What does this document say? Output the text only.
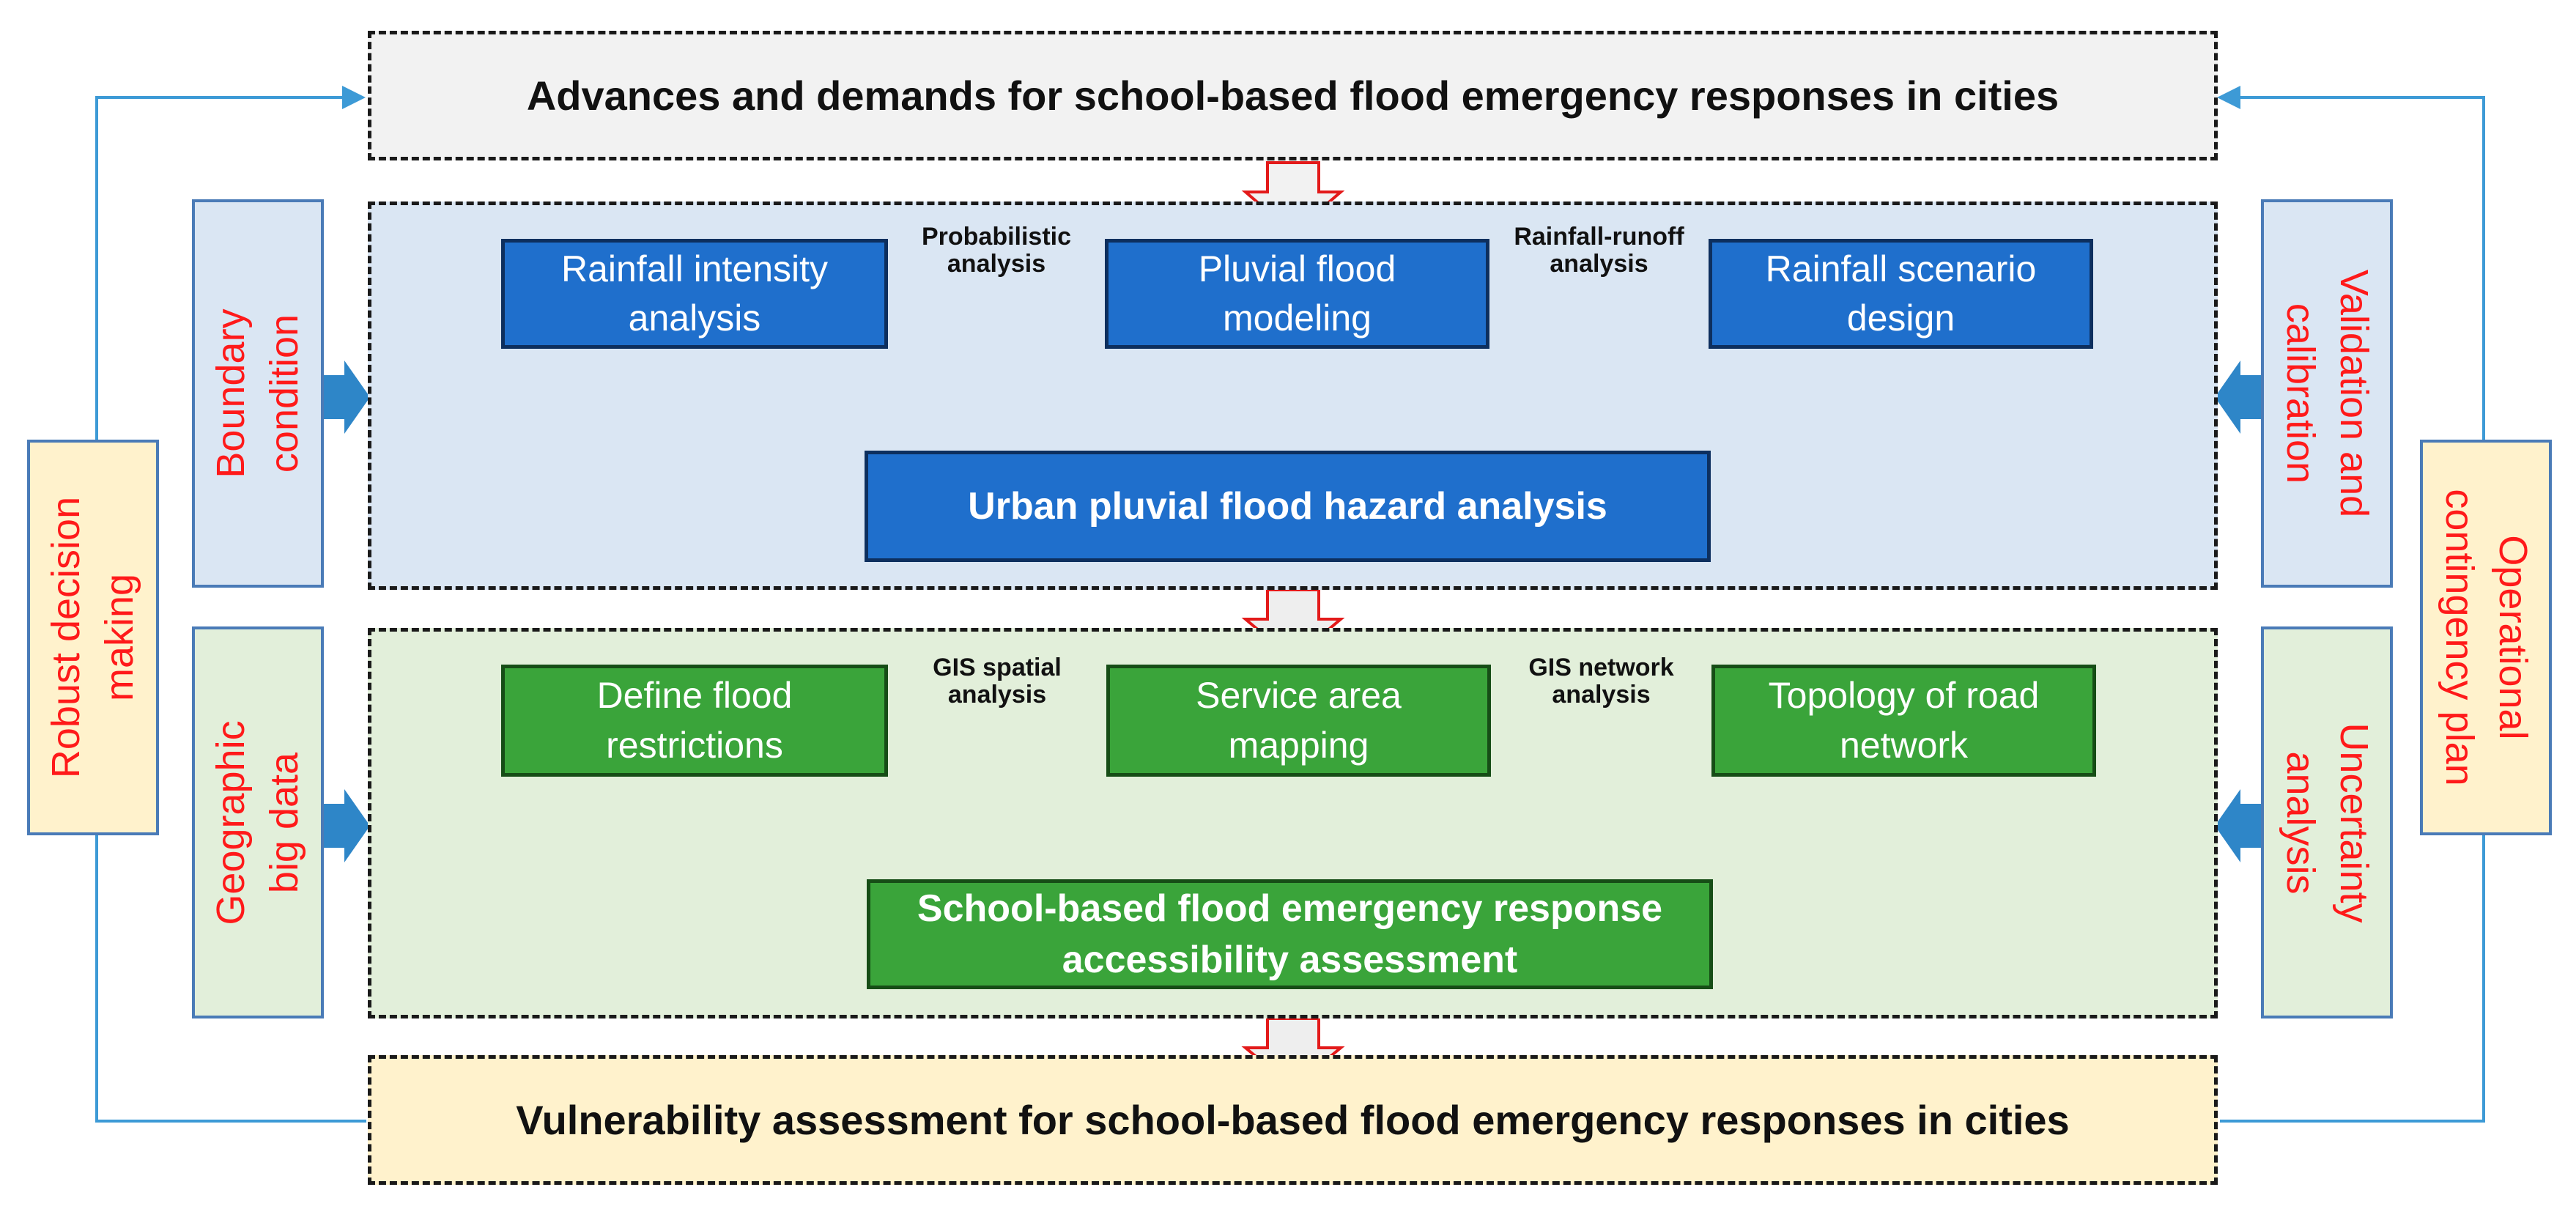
Advances and demands for school-based flood emergency responses in cities
Vulnerability assessment for school-based flood emergency responses in cities
Rainfall intensity
analysis
Pluvial flood
modeling
Rainfall scenario
design
Probabilistic
analysis
Rainfall-runoff
analysis
Urban pluvial flood hazard analysis
Define flood
restrictions
Service area
mapping
Topology of road
network
GIS spatial
analysis
GIS network
analysis
School-based flood emergency response
accessibility assessment
Robust decision making
Boundary condition
Geographic big data
Validation and
calibration
Uncertainty
analysis
Operational
contingency plan
